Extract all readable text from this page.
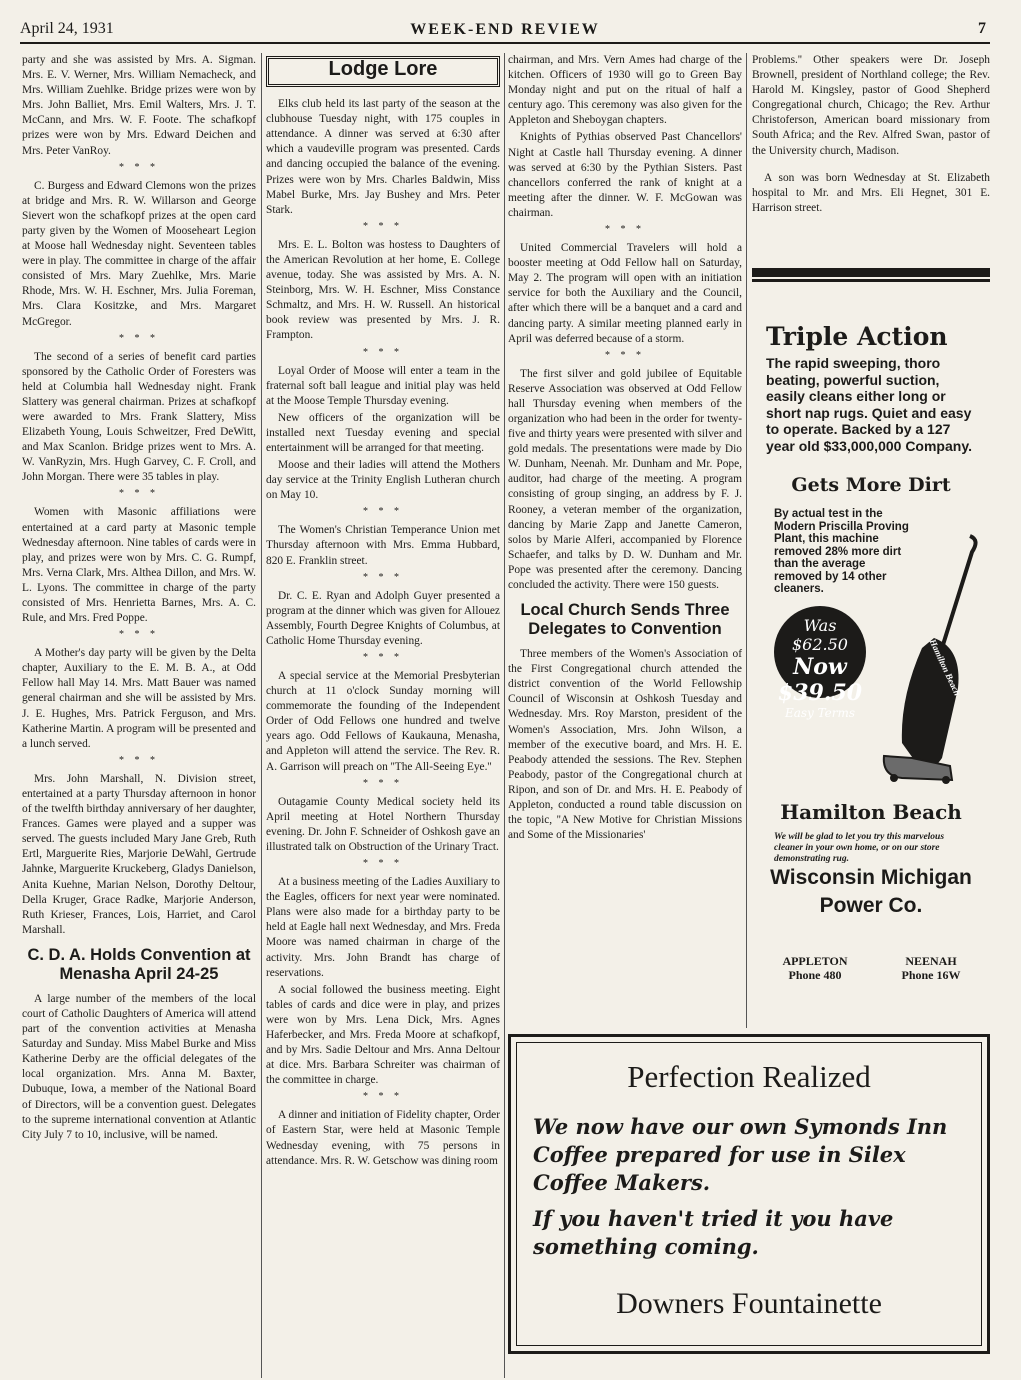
April 24, 1931	WEEK-END REVIEW	7

party and she was assisted by Mrs. A. Sigman. Mrs. E. V. Werner, Mrs. William Nemacheck, and Mrs. William Zuehlke. Bridge prizes were won by Mrs. John Balliet, Mrs. Emil Walters, Mrs. J. T. McCann, and Mrs. W. F. Foote. The schafkopf prizes were won by Mrs. Edward Deichen and Mrs. Peter VanRoy.

* * *

C. Burgess and Edward Clemons won the prizes at bridge and Mrs. R. W. Willarson and George Sievert won the schafkopf prizes at the open card party given by the Women of Mooseheart Legion at Moose hall Wednesday night. Seventeen tables were in play. The committee in charge of the affair consisted of Mrs. Mary Zuehlke, Mrs. Marie Rhode, Mrs. W. H. Eschner, Mrs. Julia Foreman, Mrs. Clara Kositzke, and Mrs. Margaret McGregor.

* * *

The second of a series of benefit card parties sponsored by the Catholic Order of Foresters was held at Columbia hall Wednesday night. Frank Slattery was general chairman. Prizes at schafkopf were awarded to Mrs. Frank Slattery, Miss Elizabeth Young, Louis Schweitzer, Fred DeWitt, and Max Scanlon. Bridge prizes went to Mrs. A. W. VanRyzin, Mrs. Hugh Garvey, C. F. Croll, and John Morgan. There were 35 tables in play.

* * *

Women with Masonic affiliations were entertained at a card party at Masonic temple Wednesday afternoon. Nine tables of cards were in play, and prizes were won by Mrs. C. G. Rumpf, Mrs. Verna Clark, Mrs. Althea Dillon, and Mrs. W. L. Lyons. The committee in charge of the party consisted of Mrs. Henrietta Barnes, Mrs. A. C. Rule, and Mrs. Fred Poppe.

* * *

A Mother's day party will be given by the Delta chapter, Auxiliary to the E. M. B. A., at Odd Fellow hall May 14. Mrs. Matt Bauer was named general chairman and she will be assisted by Mrs. J. E. Hughes, Mrs. Patrick Ferguson, and Mrs. Katherine Martin. A program will be presented and a lunch served.

* * *

Mrs. John Marshall, N. Division street, entertained at a party Thursday afternoon in honor of the twelfth birthday anniversary of her daughter, Frances. Games were played and a supper was served. The guests included Mary Jane Greb, Ruth Ertl, Marguerite Ries, Marjorie DeWahl, Gertrude Jahnke, Marguerite Kruckeberg, Gladys Danielson, Anita Kuehne, Marian Nelson, Dorothy Deltour, Della Kruger, Grace Radke, Marjorie Anderson, Ruth Krieser, Frances, Lois, Harriet, and Carol Marshall.

C. D. A. Holds Convention at Menasha April 24-25

A large number of the members of the local court of Catholic Daughters of America will attend part of the convention activities at Menasha Saturday and Sunday. Miss Mabel Burke and Miss Katherine Derby are the official delegates of the local organization. Mrs. Anna M. Baxter, Dubuque, Iowa, a member of the National Board of Directors, will be a convention guest. Delegates to the supreme international convention at Atlantic City July 7 to 10, inclusive, will be named.

Lodge Lore

Elks club held its last party of the season at the clubhouse Tuesday night, with 175 couples in attendance. A dinner was served at 6:30 after which a vaudeville program was presented. Cards and dancing occupied the balance of the evening. Prizes were won by Mrs. Charles Baldwin, Miss Mabel Burke, Mrs. Jay Bushey and Mrs. Peter Stark.

* * *

Mrs. E. L. Bolton was hostess to Daughters of the American Revolution at her home, E. College avenue, today. She was assisted by Mrs. A. N. Steinborg, Mrs. W. H. Eschner, Miss Constance Schmaltz, and Mrs. H. W. Russell. An historical book review was presented by Mrs. J. R. Frampton.

* * *

Loyal Order of Moose will enter a team in the fraternal soft ball league and initial play was held at the Moose Temple Thursday evening.

New officers of the organization will be installed next Tuesday evening and special entertainment will be arranged for that meeting.

Moose and their ladies will attend the Mothers day service at the Trinity English Lutheran church on May 10.

* * *

The Women's Christian Temperance Union met Thursday afternoon with Mrs. Emma Hubbard, 820 E. Franklin street.

* * *

Dr. C. E. Ryan and Adolph Guyer presented a program at the dinner which was given for Allouez Assembly, Fourth Degree Knights of Columbus, at Catholic Home Thursday evening.

* * *

A special service at the Memorial Presbyterian church at 11 o'clock Sunday morning will commemorate the founding of the Independent Order of Odd Fellows one hundred and twelve years ago. Odd Fellows of Kaukauna, Menasha, and Appleton will attend the service. The Rev. R. A. Garrison will preach on ''The All-Seeing Eye.''

* * *

Outagamie County Medical society held its April meeting at Hotel Northern Thursday evening. Dr. John F. Schneider of Oshkosh gave an illustrated talk on Obstruction of the Urinary Tract.

* * *

At a business meeting of the Ladies Auxiliary to the Eagles, officers for next year were nominated. Plans were also made for a birthday party to be held at Eagle hall next Wednesday, and Mrs. Freda Moore was named chairman in charge of the activity. Mrs. John Brandt has charge of reservations.

A social followed the business meeting. Eight tables of cards and dice were in play, and prizes were won by Mrs. Lena Dick, Mrs. Agnes Haferbecker, and Mrs. Freda Moore at schafkopf, and by Mrs. Sadie Deltour and Mrs. Anna Deltour at dice. Mrs. Barbara Schreiter was chairman of the committee in charge.

* * *

A dinner and initiation of Fidelity chapter, Order of Eastern Star, were held at Masonic Temple Wednesday evening, with 75 persons in attendance. Mrs. R. W. Getschow was dining room

chairman, and Mrs. Vern Ames had charge of the kitchen. Officers of 1930 will go to Green Bay Monday night and put on the ritual of half a century ago. This ceremony was also given for the Appleton and Sheboygan chapters.

Knights of Pythias observed Past Chancellors' Night at Castle hall Thursday evening. A dinner was served at 6:30 by the Pythian Sisters. Past chancellors conferred the rank of knight at a meeting after the dinner. W. F. McGowan was chairman.

* * *

United Commercial Travelers will hold a booster meeting at Odd Fellow hall on Saturday, May 2. The program will open with an initiation service for both the Auxiliary and the Council, after which there will be a banquet and a card and dancing party. A similar meeting planned early in April was deferred because of a storm.

* * *

The first silver and gold jubilee of Equitable Reserve Association was observed at Odd Fellow hall Thursday evening when members of the organization who had been in the order for twenty-five and thirty years were presented with silver and gold medals. The presentations were made by Dio W. Dunham, Neenah. Mr. Dunham and Mr. Pope, auditor, had charge of the meeting. A program consisting of group singing, an address by F. J. Rooney, a veteran member of the organization, dancing by Marie Zapp and Janette Cameron, solos by Marie Alferi, accompanied by Florence Schaefer, and talks by D. W. Dunham and Mr. Pope was presented after the ceremony. Dancing concluded the activity. There were 150 guests.

Local Church Sends Three Delegates to Convention

Three members of the Women's Association of the First Congregational church attended the district convention of the World Fellowship Council of Wisconsin at Oshkosh Tuesday and Wednesday. Mrs. Roy Marston, president of the Women's Association, Mrs. John Wilson, a member of the executive board, and Mrs. H. E. Peabody attended the sessions. The Rev. Stephen Peabody, pastor of the Congregational church at Ripon, and son of Dr. and Mrs. H. E. Peabody of Appleton, conducted a round table discussion on the topic, ''A New Motive for Christian Missions and Some of the Missionaries'

Problems.'' Other speakers were Dr. Joseph Brownell, president of Northland college; the Rev. Harold M. Kingsley, pastor of Good Shepherd Congregational church, Chicago; the Rev. Arthur Christoferson, American board missionary from South Africa; and the Rev. Alfred Swan, pastor of the University church, Madison.

A son was born Wednesday at St. Elizabeth hospital to Mr. and Mrs. Eli Hegnet, 301 E. Harrison street.

Triple Action
The rapid sweeping, thoro beating, powerful suction, easily cleans either long or short nap rugs. Quiet and easy to operate. Backed by a 127 year old $33,000,000 Company.
Gets More Dirt
By actual test in the Modern Priscilla Proving Plant, this machine removed 28% more dirt than the average removed by 14 other cleaners.
Was $62.50
Now $39.50
Easy Terms
Hamilton Beach
Hamilton Beach
We will be glad to let you try this marvelous cleaner in your own home, or on our store demonstrating rug.
Wisconsin Michigan Power Co.
APPLETON
Phone 480
NEENAH
Phone 16W
Perfection Realized
We now have our own Symonds Inn Coffee prepared for use in Silex Coffee Makers.
If you haven't tried it you have something coming.
Downers Fountainette
